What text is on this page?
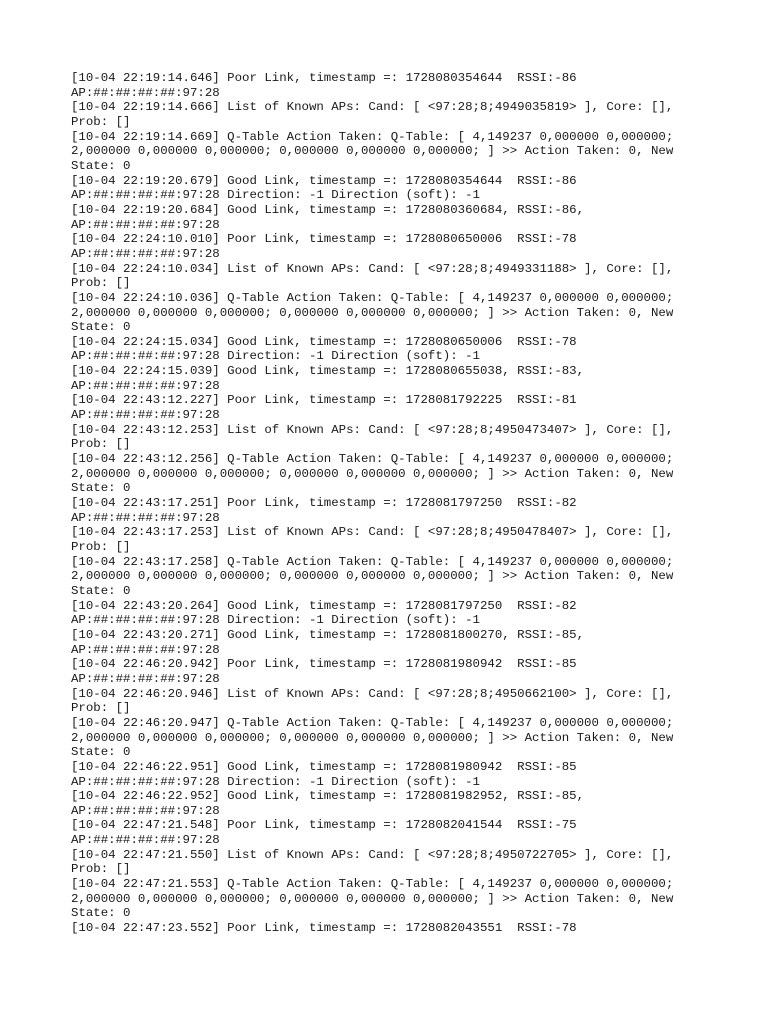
[10-04 22:19:14.646] Poor Link, timestamp =: 1728080354644  RSSI:-86
AP:##:##:##:##:97:28
[10-04 22:19:14.666] List of Known APs: Cand: [ <97:28;8;4949035819> ], Core: [],
Prob: []
[10-04 22:19:14.669] Q-Table Action Taken: Q-Table: [ 4,149237 0,000000 0,000000;
2,000000 0,000000 0,000000; 0,000000 0,000000 0,000000; ] >> Action Taken: 0, New
State: 0
[10-04 22:19:20.679] Good Link, timestamp =: 1728080354644  RSSI:-86
AP:##:##:##:##:97:28 Direction: -1 Direction (soft): -1
[10-04 22:19:20.684] Good Link, timestamp =: 1728080360684, RSSI:-86,
AP:##:##:##:##:97:28
[10-04 22:24:10.010] Poor Link, timestamp =: 1728080650006  RSSI:-78
AP:##:##:##:##:97:28
[10-04 22:24:10.034] List of Known APs: Cand: [ <97:28;8;4949331188> ], Core: [],
Prob: []
[10-04 22:24:10.036] Q-Table Action Taken: Q-Table: [ 4,149237 0,000000 0,000000;
2,000000 0,000000 0,000000; 0,000000 0,000000 0,000000; ] >> Action Taken: 0, New
State: 0
[10-04 22:24:15.034] Good Link, timestamp =: 1728080650006  RSSI:-78
AP:##:##:##:##:97:28 Direction: -1 Direction (soft): -1
[10-04 22:24:15.039] Good Link, timestamp =: 1728080655038, RSSI:-83,
AP:##:##:##:##:97:28
[10-04 22:43:12.227] Poor Link, timestamp =: 1728081792225  RSSI:-81
AP:##:##:##:##:97:28
[10-04 22:43:12.253] List of Known APs: Cand: [ <97:28;8;4950473407> ], Core: [],
Prob: []
[10-04 22:43:12.256] Q-Table Action Taken: Q-Table: [ 4,149237 0,000000 0,000000;
2,000000 0,000000 0,000000; 0,000000 0,000000 0,000000; ] >> Action Taken: 0, New
State: 0
[10-04 22:43:17.251] Poor Link, timestamp =: 1728081797250  RSSI:-82
AP:##:##:##:##:97:28
[10-04 22:43:17.253] List of Known APs: Cand: [ <97:28;8;4950478407> ], Core: [],
Prob: []
[10-04 22:43:17.258] Q-Table Action Taken: Q-Table: [ 4,149237 0,000000 0,000000;
2,000000 0,000000 0,000000; 0,000000 0,000000 0,000000; ] >> Action Taken: 0, New
State: 0
[10-04 22:43:20.264] Good Link, timestamp =: 1728081797250  RSSI:-82
AP:##:##:##:##:97:28 Direction: -1 Direction (soft): -1
[10-04 22:43:20.271] Good Link, timestamp =: 1728081800270, RSSI:-85,
AP:##:##:##:##:97:28
[10-04 22:46:20.942] Poor Link, timestamp =: 1728081980942  RSSI:-85
AP:##:##:##:##:97:28
[10-04 22:46:20.946] List of Known APs: Cand: [ <97:28;8;4950662100> ], Core: [],
Prob: []
[10-04 22:46:20.947] Q-Table Action Taken: Q-Table: [ 4,149237 0,000000 0,000000;
2,000000 0,000000 0,000000; 0,000000 0,000000 0,000000; ] >> Action Taken: 0, New
State: 0
[10-04 22:46:22.951] Good Link, timestamp =: 1728081980942  RSSI:-85
AP:##:##:##:##:97:28 Direction: -1 Direction (soft): -1
[10-04 22:46:22.952] Good Link, timestamp =: 1728081982952, RSSI:-85,
AP:##:##:##:##:97:28
[10-04 22:47:21.548] Poor Link, timestamp =: 1728082041544  RSSI:-75
AP:##:##:##:##:97:28
[10-04 22:47:21.550] List of Known APs: Cand: [ <97:28;8;4950722705> ], Core: [],
Prob: []
[10-04 22:47:21.553] Q-Table Action Taken: Q-Table: [ 4,149237 0,000000 0,000000;
2,000000 0,000000 0,000000; 0,000000 0,000000 0,000000; ] >> Action Taken: 0, New
State: 0
[10-04 22:47:23.552] Poor Link, timestamp =: 1728082043551  RSSI:-78
